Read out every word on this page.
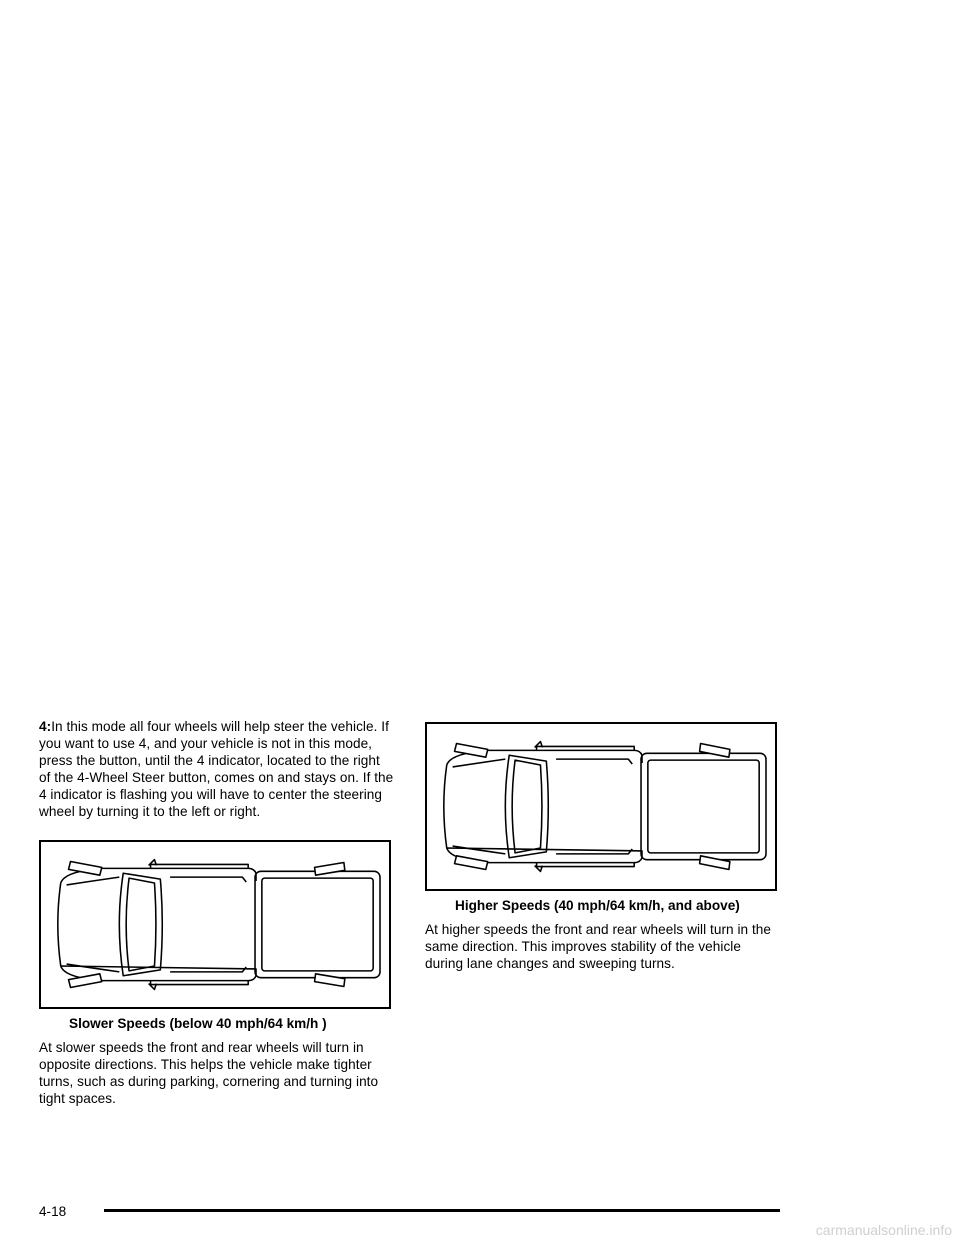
4:In this mode all four wheels will help steer the vehicle. If you want to use 4, and your vehicle is not in this mode, press the button, until the 4 indicator, located to the right of the 4-Wheel Steer button, comes on and stays on. If the 4 indicator is flashing you will have to center the steering wheel by turning it to the left or right.

Slower Speeds (below 40 mph/64 km/h )

At slower speeds the front and rear wheels will turn in opposite directions. This helps the vehicle make tighter turns, such as during parking, cornering and turning into tight spaces.

Higher Speeds (40 mph/64 km/h, and above)

At higher speeds the front and rear wheels will turn in the same direction. This improves stability of the vehicle during lane changes and sweeping turns.

4-18
carmanualsonline.info
